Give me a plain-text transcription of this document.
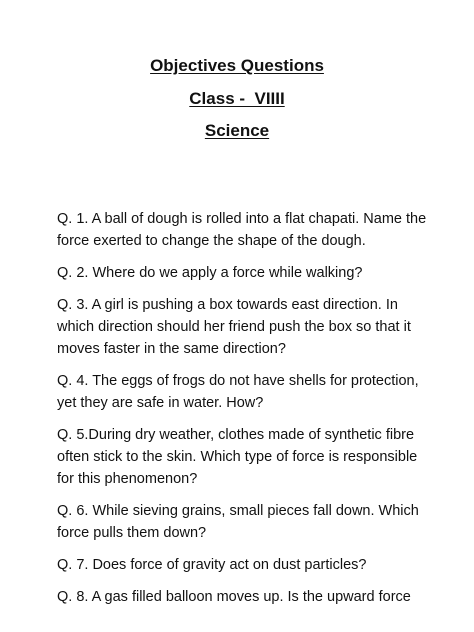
Objectives Questions
Class -  VIIII
Science

Q. 1. A ball of dough is rolled into a flat chapati. Name the force exerted to change the shape of the dough.

Q. 2. Where do we apply a force while walking?

Q. 3. A girl is pushing a box towards east direction. In which direction should her friend push the box so that it moves faster in the same direction?

Q. 4. The eggs of frogs do not have shells for protection, yet they are safe in water. How?

Q. 5.During dry weather, clothes made of synthetic fibre often stick to the skin. Which type of force is responsible for this phenomenon?

Q. 6. While sieving grains, small pieces fall down. Which force pulls them down?

Q. 7. Does force of gravity act on dust particles?

Q. 8. A gas filled balloon moves up. Is the upward force
